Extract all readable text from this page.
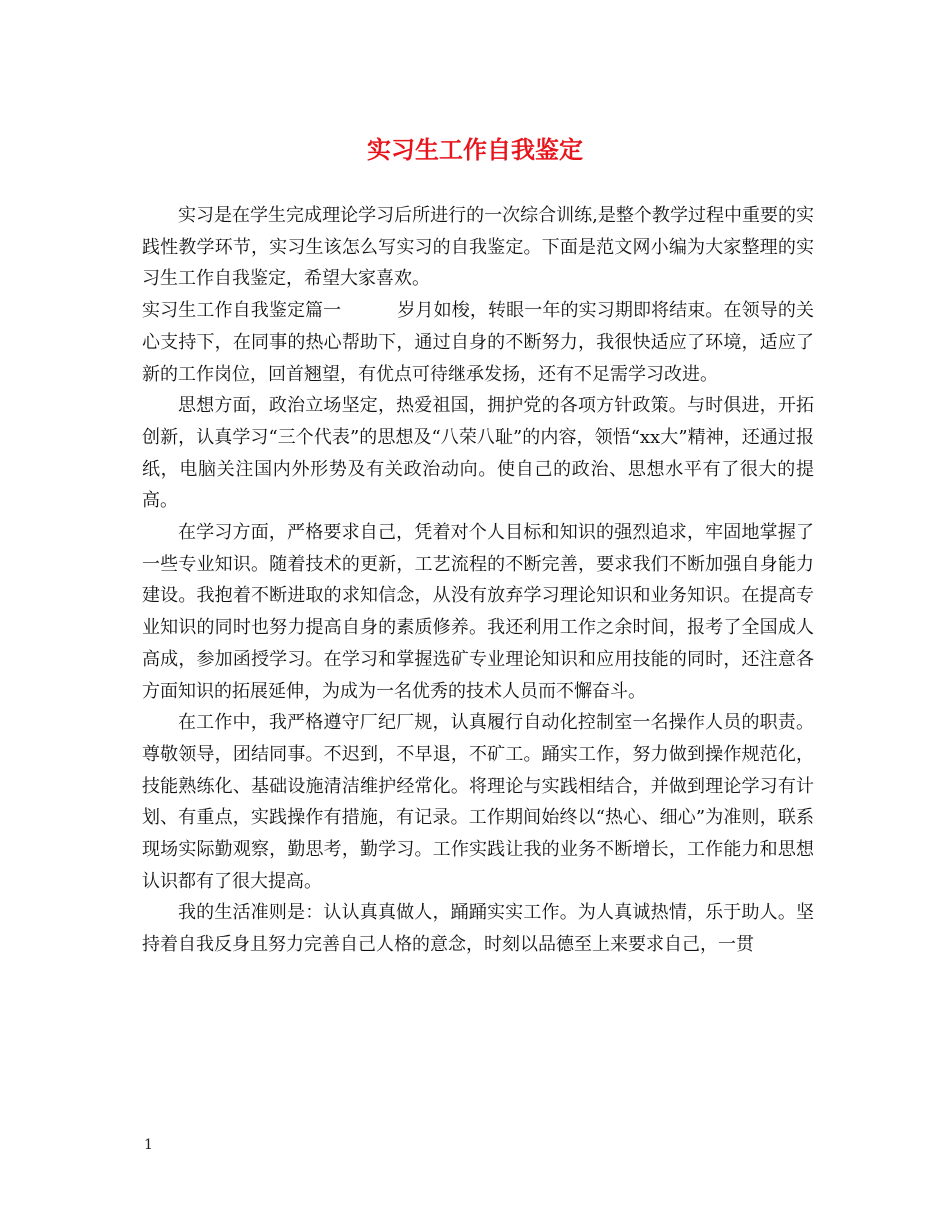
实习生工作自我鉴定

实习是在学生完成理论学习后所进行的一次综合训练,是整个教学过程中重要的实践性教学环节，实习生该怎么写实习的自我鉴定。下面是范文网小编为大家整理的实习生工作自我鉴定，希望大家喜欢。

实习生工作自我鉴定篇一	岁月如梭，转眼一年的实习期即将结束。在领导的关心支持下，在同事的热心帮助下，通过自身的不断努力，我很快适应了环境，适应了新的工作岗位，回首翘望，有优点可待继承发扬，还有不足需学习改进。

思想方面，政治立场坚定，热爱祖国，拥护党的各项方针政策。与时俱进，开拓创新，认真学习“三个代表”的思想及“八荣八耻”的内容，领悟“xx大”精神，还通过报纸，电脑关注国内外形势及有关政治动向。使自己的政治、思想水平有了很大的提高。

在学习方面，严格要求自己，凭着对个人目标和知识的强烈追求，牢固地掌握了一些专业知识。随着技术的更新，工艺流程的不断完善，要求我们不断加强自身能力建设。我抱着不断进取的求知信念，从没有放弃学习理论知识和业务知识。在提高专业知识的同时也努力提高自身的素质修养。我还利用工作之余时间，报考了全国成人高成，参加函授学习。在学习和掌握选矿专业理论知识和应用技能的同时，还注意各方面知识的拓展延伸，为成为一名优秀的技术人员而不懈奋斗。

在工作中，我严格遵守厂纪厂规，认真履行自动化控制室一名操作人员的职责。尊敬领导，团结同事。不迟到，不早退，不矿工。踊实工作，努力做到操作规范化，技能熟练化、基础设施清洁维护经常化。将理论与实践相结合，并做到理论学习有计划、有重点，实践操作有措施，有记录。工作期间始终以“热心、细心”为准则，联系现场实际勤观察，勤思考，勤学习。工作实践让我的业务不断增长，工作能力和思想认识都有了很大提高。

我的生活准则是：认认真真做人，踊踊实实工作。为人真诚热情，乐于助人。坚持着自我反身且努力完善自己人格的意念，时刻以品德至上来要求自己，一贯

1
